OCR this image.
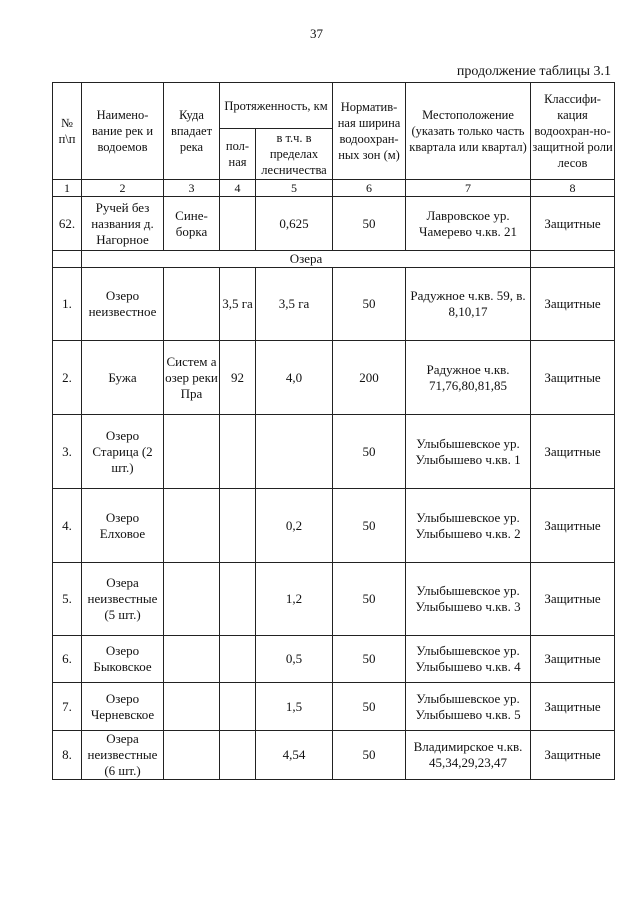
37
продолжение таблицы 3.1
№ п\п	Наимено-вание рек и водоемов	Куда впадает река	Протяженность, км		Норматив-ная ширина водоохран-ных зон (м)	Местоположение (указать только часть квартала или квартал)	Классифи-кация водоохран-но-защитной роли лесов
			пол-ная	в т.ч. в пределах лесничества			
1	2	3	4	5	6	7	8
62.	Ручей без названия д. Нагорное	Сине-борка		0,625	50	Лавровское ур. Чамерево ч.кв. 21	Защитные
	Озера						
1.	Озеро неизвестное		3,5 га	3,5 га	50	Радужное ч.кв. 59, в. 8,10,17	Защитные
2.	Бужа	Систем а озер реки Пра	92	4,0	200	Радужное ч.кв. 71,76,80,81,85	Защитные
3.	Озеро Старица (2 шт.)				50	Улыбышевское ур. Улыбышево ч.кв. 1	Защитные
4.	Озеро Елховое			0,2	50	Улыбышевское ур. Улыбышево ч.кв. 2	Защитные
5.	Озера неизвестные (5 шт.)			1,2	50	Улыбышевское ур. Улыбышево ч.кв. 3	Защитные
6.	Озеро Быковское			0,5	50	Улыбышевское ур. Улыбышево ч.кв. 4	Защитные
7.	Озеро Черневское			1,5	50	Улыбышевское ур. Улыбышево ч.кв. 5	Защитные
8.	Озера неизвестные (6 шт.)			4,54	50	Владимирское ч.кв. 45,34,29,23,47	Защитные
